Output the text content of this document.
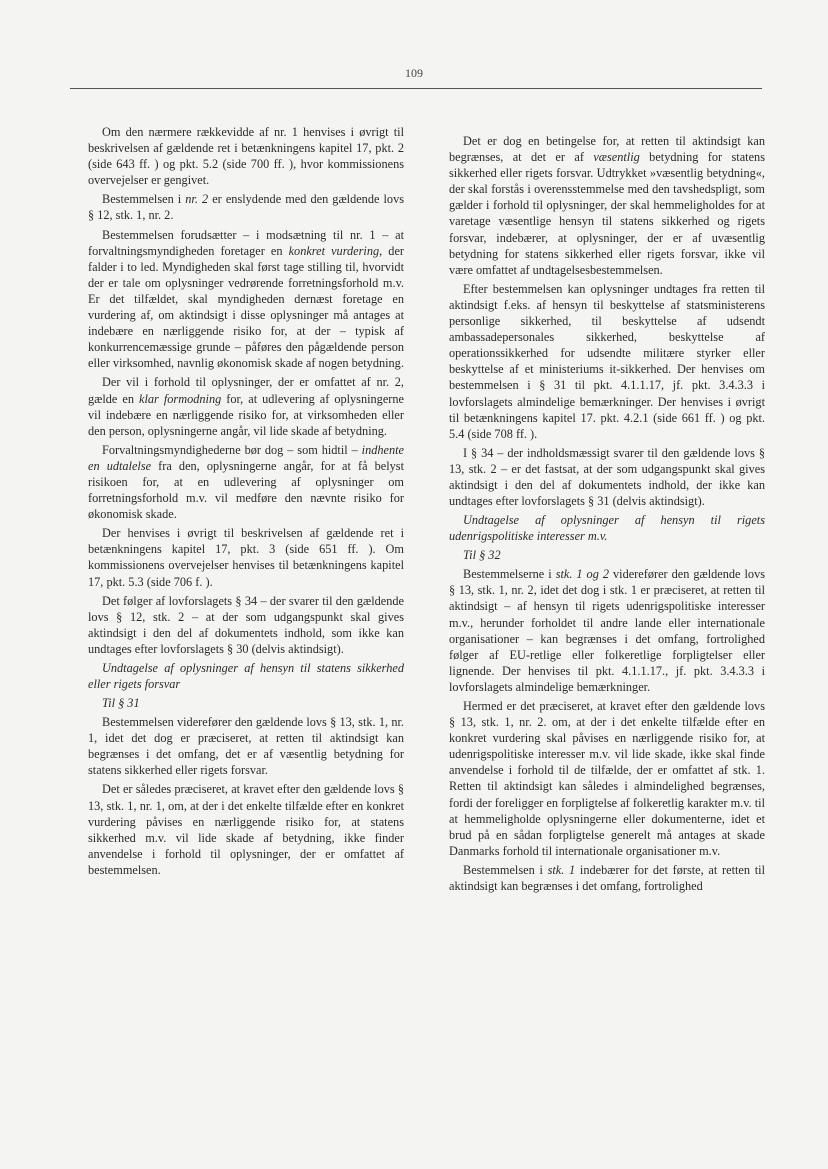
109

Om den nærmere rækkevidde af nr. 1 henvises i øvrigt til beskrivelsen af gældende ret i betænkningens kapitel 17, pkt. 2 (side 643 ff. ) og pkt. 5.2 (side 700 ff. ), hvor kommissionens overvejelser er gengivet.

Bestemmelsen i nr. 2 er enslydende med den gældende lovs § 12, stk. 1, nr. 2.

Bestemmelsen forudsætter – i modsætning til nr. 1 – at forvaltningsmyndigheden foretager en konkret vurdering, der falder i to led. Myndigheden skal først tage stilling til, hvorvidt der er tale om oplysninger vedrørende forretningsforhold m.v. Er det tilfældet, skal myndigheden dernæst foretage en vurdering af, om aktindsigt i disse oplysninger må antages at indebære en nærliggende risiko for, at der – typisk af konkurrencemæssige grunde – påføres den pågældende person eller virksomhed, navnlig økonomisk skade af nogen betydning.

Der vil i forhold til oplysninger, der er omfattet af nr. 2, gælde en klar formodning for, at udlevering af oplysningerne vil indebære en nærliggende risiko for, at virksomheden eller den person, oplysningerne angår, vil lide skade af betydning.

Forvaltningsmyndighederne bør dog – som hidtil – indhente en udtalelse fra den, oplysningerne angår, for at få belyst risikoen for, at en udlevering af oplysninger om forretningsforhold m.v. vil medføre den nævnte risiko for økonomisk skade.

Der henvises i øvrigt til beskrivelsen af gældende ret i betænkningens kapitel 17, pkt. 3 (side 651 ff. ). Om kommissionens overvejelser henvises til betænkningens kapitel 17, pkt. 5.3 (side 706 f. ).

Det følger af lovforslagets § 34 – der svarer til den gældende lovs § 12, stk. 2 – at der som udgangspunkt skal gives aktindsigt i den del af dokumentets indhold, som ikke kan undtages efter lovforslagets § 30 (delvis aktindsigt).

Undtagelse af oplysninger af hensyn til statens sikkerhed eller rigets forsvar

Til § 31

Bestemmelsen viderefører den gældende lovs § 13, stk. 1, nr. 1, idet det dog er præciseret, at retten til aktindsigt kan begrænses i det omfang, det er af væsentlig betydning for statens sikkerhed eller rigets forsvar.

Det er således præciseret, at kravet efter den gældende lovs § 13, stk. 1, nr. 1, om, at der i det enkelte tilfælde efter en konkret vurdering påvises en nærliggende risiko for, at statens sikkerhed m.v. vil lide skade af betydning, ikke finder anvendelse i forhold til oplysninger, der er omfattet af bestemmelsen.

Det er dog en betingelse for, at retten til aktindsigt kan begrænses, at det er af væsentlig betydning for statens sikkerhed eller rigets forsvar. Udtrykket »væsentlig betydning«, der skal forstås i overensstemmelse med den tavshedspligt, som gælder i forhold til oplysninger, der skal hemmeligholdes for at varetage væsentlige hensyn til statens sikkerhed og rigets forsvar, indebærer, at oplysninger, der er af uvæsentlig betydning for statens sikkerhed eller rigets forsvar, ikke vil være omfattet af undtagelsesbestemmelsen.

Efter bestemmelsen kan oplysninger undtages fra retten til aktindsigt f.eks. af hensyn til beskyttelse af statsministerens personlige sikkerhed, til beskyttelse af udsendt ambassadepersonales sikkerhed, beskyttelse af operationssikkerhed for udsendte militære styrker eller beskyttelse af et ministeriums it-sikkerhed. Der henvises om bestemmelsen i § 31 til pkt. 4.1.1.17, jf. pkt. 3.4.3.3 i lovforslagets almindelige bemærkninger. Der henvises i øvrigt til betænkningens kapitel 17. pkt. 4.2.1 (side 661 ff. ) og pkt. 5.4 (side 708 ff. ).

I § 34 – der indholdsmæssigt svarer til den gældende lovs § 13, stk. 2 – er det fastsat, at der som udgangspunkt skal gives aktindsigt i den del af dokumentets indhold, der ikke kan undtages efter lovforslagets § 31 (delvis aktindsigt).

Undtagelse af oplysninger af hensyn til rigets udenrigspolitiske interesser m.v.

Til § 32

Bestemmelserne i stk. 1 og 2 viderefører den gældende lovs § 13, stk. 1, nr. 2, idet det dog i stk. 1 er præciseret, at retten til aktindsigt – af hensyn til rigets udenrigspolitiske interesser m.v., herunder forholdet til andre lande eller internationale organisationer – kan begrænses i det omfang, fortrolighed følger af EU-retlige eller folkeretlige forpligtelser eller lignende. Der henvises til pkt. 4.1.1.17., jf. pkt. 3.4.3.3 i lovforslagets almindelige bemærkninger.

Hermed er det præciseret, at kravet efter den gældende lovs § 13, stk. 1, nr. 2. om, at der i det enkelte tilfælde efter en konkret vurdering skal påvises en nærliggende risiko for, at udenrigspolitiske interesser m.v. vil lide skade, ikke skal finde anvendelse i forhold til de tilfælde, der er omfattet af stk. 1. Retten til aktindsigt kan således i almindelighed begrænses, fordi der foreligger en forpligtelse af folkeretlig karakter m.v. til at hemmeligholde oplysningerne eller dokumenterne, idet et brud på en sådan forpligtelse generelt må antages at skade Danmarks forhold til internationale organisationer m.v.

Bestemmelsen i stk. 1 indebærer for det første, at retten til aktindsigt kan begrænses i det omfang, fortrolighed
